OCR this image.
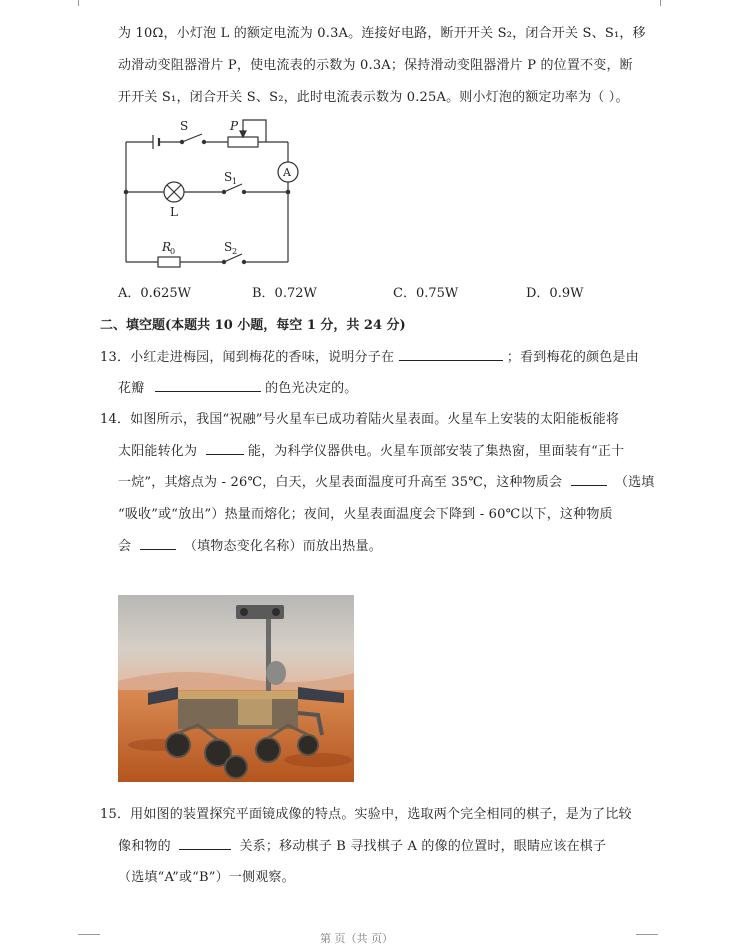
为 10Ω，小灯泡 L 的额定电流为 0.3A。连接好电路，断开开关 S₂，闭合开关 S、S₁，移
动滑动变阻器滑片 P，使电流表的示数为 0.3A；保持滑动变阻器滑片 P 的位置不变，断
开开关 S₁，闭合开关 S、S₂，此时电流表示数为 0.25A。则小灯泡的额定功率为（ ）。
S	P
A
L
S 1
R
0	S 2
A．0.625W	B．0.72W	C．0.75W	D．0.9W
二、填空题(本题共 10 小题，每空 1 分，共 24 分)
13．小红走进梅园，闻到梅花的香味，说明分子在	；看到梅花的颜色是由
花瓣	的色光决定的。
14．如图所示，我国“祝融”号火星车已成功着陆火星表面。火星车上安装的太阳能板能将
太阳能转化为	能，为科学仪器供电。火星车顶部安装了集热窗，里面装有“正十
一烷”，其熔点为 - 26℃，白天，火星表面温度可升高至 35℃，这种物质会	（选填
“吸收”或“放出”）热量而熔化；夜间，火星表面温度会下降到 - 60℃以下，这种物质
会	（填物态变化名称）而放出热量。
15．用如图的装置探究平面镜成像的特点。实验中，选取两个完全相同的棋子，是为了比较
像和物的	关系；移动棋子 B 寻找棋子 A 的像的位置时，眼睛应该在棋子
（选填“A”或“B”）一侧观察。
第 页（共 页）
